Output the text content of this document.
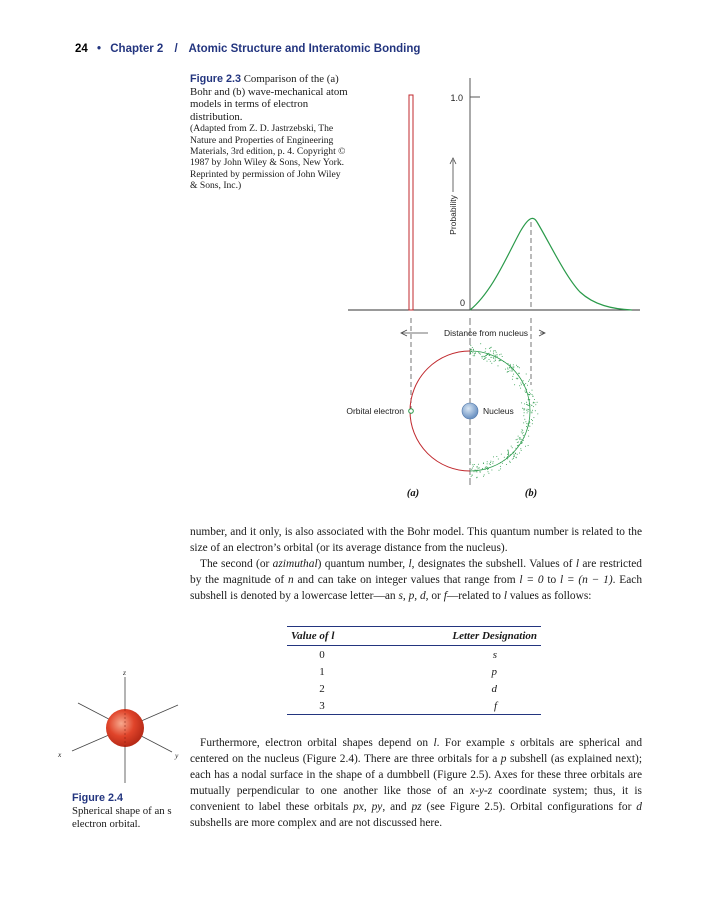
24 • Chapter 2 / Atomic Structure and Interatomic Bonding
Figure 2.3 Comparison of the (a) Bohr and (b) wave-mechanical atom models in terms of electron distribution.
(Adapted from Z. D. Jastrzebski, The Nature and Properties of Engineering Materials, 3rd edition, p. 4. Copyright © 1987 by John Wiley & Sons, New York. Reprinted by permission of John Wiley & Sons, Inc.)
1.0
0
Probability
Distance from nucleus
Orbital electron	Nucleus
(a)	(b)
number, and it only, is also associated with the Bohr model. This quantum number is related to the size of an electron’s orbital (or its average distance from the nucleus).
The second (or azimuthal) quantum number, l, designates the subshell. Values of l are restricted by the magnitude of n and can take on integer values that range from l = 0 to l = (n − 1). Each subshell is denoted by a lowercase letter—an s, p, d, or f—related to l values as follows:
Value of l	Letter Designation
0	s
1	p
2	d
3	f
z
x	y
Figure 2.4
Spherical shape of an s electron orbital.
Furthermore, electron orbital shapes depend on l. For example s orbitals are spherical and centered on the nucleus (Figure 2.4). There are three orbitals for a p subshell (as explained next); each has a nodal surface in the shape of a dumbbell (Figure 2.5). Axes for these three orbitals are mutually perpendicular to one another like those of an x-y-z coordinate system; thus, it is convenient to label these orbitals px, py, and pz (see Figure 2.5). Orbital configurations for d subshells are more complex and are not discussed here.
